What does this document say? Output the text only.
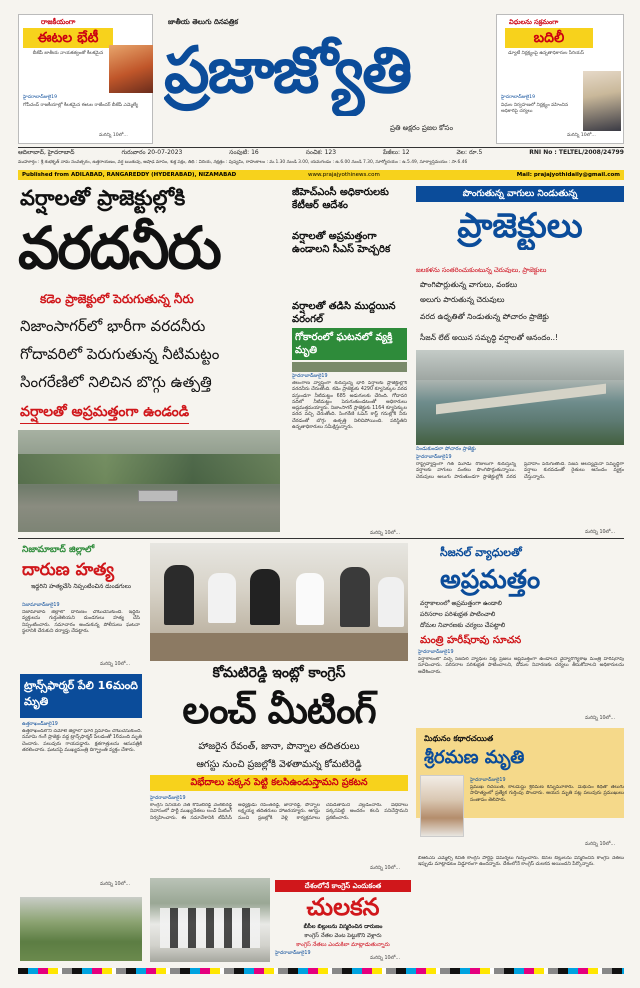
రాజకీయంగా
ఈటల భేటీ
బీజేపీ జాతీయ నాయకత్వంతో కీలకమైన
హైదరాబాద్‌జులై19
గోపీచంద్ రాజకీయాల్లో కీలకమైన ఈటల రాజేందర్ బీజేపీ ఎమ్మెల్యే
మరిన్ని 10లో...
జాతీయ తెలుగు దినపత్రిక
ప్రజాజ్యోతి
ప్రతి అక్షరం ప్రజల కోసం
విధులను సక్రమంగా
బదిలీ
డ్యూటీ నిర్లక్ష్యంపై ఉన్నతాధికారుల సీరియస్
హైదరాబాద్‌జులై19
విధుల నిర్వహణలో నిర్లక్ష్యం వహించిన అధికారిపై చర్యలు
మరిన్ని 10లో...
ఆదిలాబాద్, హైదరాబాద్	గురువారం 20-07-2023	సంపుటి: 16	సంచిక: 123	పేజీలు: 12	వెల: రూ.5	RNI No : TELTEL/2008/24799
ముహూర్తం : శ్రీ శుభకృత్ నామ సంవత్సరం, ఉత్తరాయణం, వర్ష ఋతువు, ఆషాఢ మాసం, శుక్ల పక్షం, తిథి : విదియ, నక్షత్రం : పుష్యమి, రాహుకాలం : మ.1.30 నుండి 3.00, యమగండం : ఉ.6.00 నుండి 7.30, సూర్యోదయం : ఉ.5.49, సూర్యాస్తమయం : సా.6.46
Published from ADILABAD, RANGAREDDY (HYDERABAD), NIZAMABAD	www.prajajyothinews.com	Mail: prajajyothidaily@gmail.com
వర్షాలతో ప్రాజెక్టుల్లోకి
వరదనీరు
కడెం ప్రాజెక్టులో పెరుగుతున్న నీరు
నిజాంసాగర్‌లో భారీగా వరదనీరు
గోదావరిలో పెరుగుతున్న నీటిమట్టం
సింగరేణిలో నిలిచిన బొగ్గు ఉత్పత్తి
వర్షాలతో అప్రమత్తంగా ఉండండి
జీహెచ్ఎంసీ అధికారులకు కేటీఆర్ ఆదేశం
వర్షాలతో అప్రమత్తంగా ఉండాలని సీఎస్ హెచ్చరిక
వర్షాలతో తడిసి ముద్దయిన వరంగల్
గోకారంలో ఘటనలో వ్యక్తి మృతి
హైదరాబాద్‌జులై19
తెలంగాణ వ్యాప్తంగా కురుస్తున్న భారీ వర్షాలకు ప్రాజెక్టుల్లోకి వరదనీరు చేరుతోంది. కడెం ప్రాజెక్టుకు 4290 క్యూసెక్కుల వరద వస్తుండగా నీటిమట్టం 685 అడుగులకు చేరింది. గోదావరి నదిలో నీటిమట్టం పెరుగుతుండటంతో అధికారులు అప్రమత్తమయ్యారు. నిజాంసాగర్ ప్రాజెక్టుకు 1164 క్యూసెక్కుల వరద వచ్చి చేరుతోంది. సింగరేణి ఓపెన్ కాస్ట్ గనుల్లోకి నీరు చేరడంతో బొగ్గు ఉత్పత్తి నిలిచిపోయింది. పరిస్థితిని ఉన్నతాధికారులు సమీక్షిస్తున్నారు.
మరిన్ని 10లో...
పొంగుతున్న వాగులు నిండుతున్న
ప్రాజెక్టులు
జలకళను సంతరించుకుంటున్న చెరువులు, ప్రాజెక్టులు
పొంగిపొర్లుతున్న వాగులు, వంకలు
అలుగు పారుతున్న చెరువులు
వరద ఉధృతితో నిండుతున్న పోచారం ప్రాజెక్టు
సీజన్ లేట్ అయిన సమృద్ధి వర్షాలతో ఆనందం..!
నిండుకుండలా పోచారం ప్రాజెక్టు
హైదరాబాద్‌జులై19
రాష్ట్రవ్యాప్తంగా గత మూడు రోజులుగా కురుస్తున్న వర్షాలకు వాగులు వంకలు పొంగిపొర్లుతున్నాయి. చెరువులు అలుగు పారుతుండగా ప్రాజెక్టుల్లోకి వరద ప్రవాహం పెరుగుతోంది. సీజన్ ఆలస్యమైనా సమృద్ధిగా వర్షాలు కురవడంతో రైతులు ఆనందం వ్యక్తం చేస్తున్నారు.
మరిన్ని 10లో...
నిజామాబాద్ జిల్లాలో
దారుణ హత్య
ఇద్దరిని హత్యచేసి నిప్పంటించిన దుండగులు
నిజామాబాద్‌జులై19
నిజామాబాద్ జిల్లాలో దారుణం చోటుచేసుకుంది. ఇద్దరు వ్యక్తులను గుర్తుతెలియని దుండగులు హత్య చేసి నిప్పంటించారు. సమాచారం అందుకున్న పోలీసులు ఘటనా స్థలానికి చేరుకుని దర్యాప్తు చేపట్టారు.
మరిన్ని 10లో...
ట్రాన్స్‌ఫార్మర్ పేలి 16మంది మృతి
ఉత్తరాఖండ్‌జులై19
ఉత్తరాఖండ్‌లోని చమోలి జిల్లాలో ఘోర ప్రమాదం చోటుచేసుకుంది. నమామి గంగే ప్రాజెక్టు వద్ద ట్రాన్స్‌ఫార్మర్ పేలడంతో 16మంది మృతి చెందారు. పలువురు గాయపడ్డారు. క్షతగాత్రులను ఆసుపత్రికి తరలించారు. ఘటనపై ముఖ్యమంత్రి దిగ్భ్రాంతి వ్యక్తం చేశారు.
మరిన్ని 10లో...
కోమటిరెడ్డి ఇంట్లో కాంగ్రెస్
లంచ్ మీటింగ్
హాజరైన రేవంత్, జానా, పొన్నాల తదితరులు
ఆగస్టు నుంచి ప్రజల్లోకి వెళతామన్న కోమటిరెడ్డి
విభేదాలు పక్కన పెట్టి కలసిఉండుస్తామని ప్రకటన
హైదరాబాద్‌జులై19
కాంగ్రెస్ సీనియర్ నేత కోమటిరెడ్డి వెంకట్‌రెడ్డి నివాసంలో పార్టీ ముఖ్యనేతలు లంచ్ మీటింగ్ నిర్వహించారు. ఈ సమావేశానికి టీపీసీసీ అధ్యక్షుడు రేవంత్‌రెడ్డి, జానారెడ్డి, పొన్నాల లక్ష్మయ్య తదితరులు హాజరయ్యారు. ఆగస్టు నుంచి ప్రజల్లోకి వెళ్లి కార్యక్రమాలు చేపడతామని వెల్లడించారు. విభేదాలు పక్కనపెట్టి అందరం కలసి పనిచేస్తామని ప్రకటించారు.
మరిన్ని 10లో...
దేశంలోనే కాంగ్రెస్ ఎందుకంత
చులకన
బీసీల బిల్లులను విస్మరించిన దారుణం
కాంగ్రెస్ నేతల వెంట పెట్టుకొని వెళ్లారు
కాంగ్రెస్ నేతలు ఎందుకిలా మాట్లాడుతున్నారు
హైదరాబాద్‌జులై19
మరిన్ని 10లో...
సీజనల్ వ్యాధులతో
అప్రమత్తం
వర్షాకాలంలో అప్రమత్తంగా ఉండాలి
పరిసరాల పరిశుభ్రత పాటించాలి
దోమల నివారణకు చర్యలు చేపట్టాలి
మంత్రి హరీష్‌రావు సూచన
హైదరాబాద్‌జులై19
వర్షాకాలంలో వచ్చే సీజనల్ వ్యాధుల పట్ల ప్రజలు అప్రమత్తంగా ఉండాలని వైద్యారోగ్యశాఖ మంత్రి హరీష్‌రావు సూచించారు. పరిసరాల పరిశుభ్రత పాటించాలని, దోమల నివారణకు చర్యలు తీసుకోవాలని అధికారులను ఆదేశించారు.
మరిన్ని 10లో...
మిథునం కథారచయిత
శ్రీరమణ మృతి
హైదరాబాద్‌జులై19
ప్రముఖ రచయిత, కాలమిస్టు శ్రీరమణ కన్నుమూశారు. మిథునం కథతో తెలుగు సాహిత్యంలో ప్రత్యేక గుర్తింపు పొందారు. ఆయన మృతి పట్ల పలువురు ప్రముఖులు సంతాపం తెలిపారు.
మరిన్ని 10లో...
బీఆర్ఎస్ ఎమ్మెల్సీ కవిత కాంగ్రెస్ పార్టీపై విమర్శలు గుప్పించారు. బీసీల బిల్లులను విస్మరించిన కాంగ్రెస్ నేతలు ఇప్పుడు మాట్లాడటం విడ్డూరంగా ఉందన్నారు. దేశంలోనే కాంగ్రెస్ చులకన అయిందని పేర్కొన్నారు.
